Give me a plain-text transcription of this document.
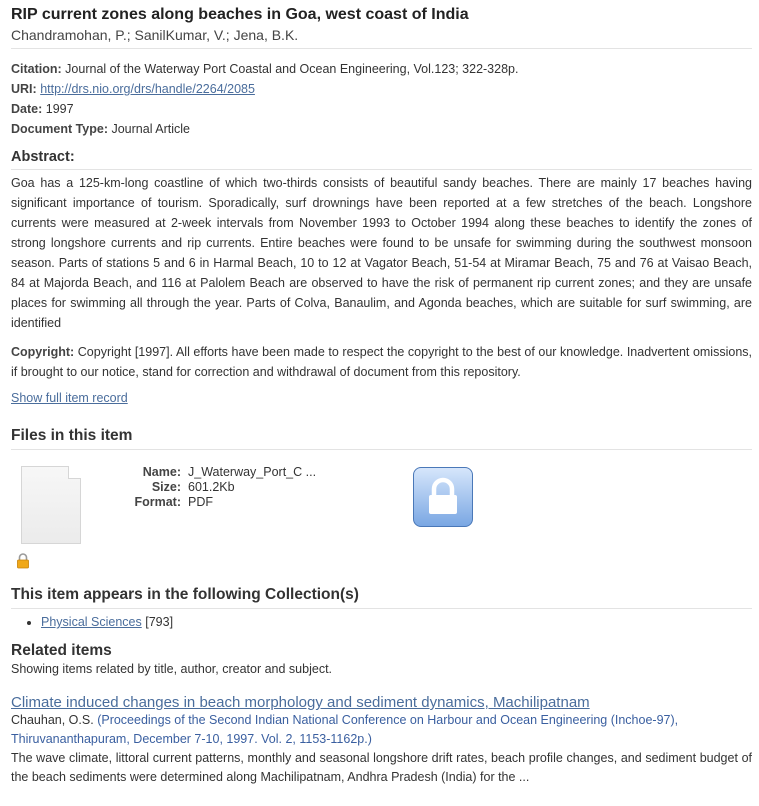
RIP current zones along beaches in Goa, west coast of India
Chandramohan, P.; SanilKumar, V.; Jena, B.K.
Citation: Journal of the Waterway Port Coastal and Ocean Engineering, Vol.123; 322-328p.
URI: http://drs.nio.org/drs/handle/2264/2085
Date: 1997
Document Type: Journal Article
Abstract:
Goa has a 125-km-long coastline of which two-thirds consists of beautiful sandy beaches. There are mainly 17 beaches having significant importance of tourism. Sporadically, surf drownings have been reported at a few stretches of the beach. Longshore currents were measured at 2-week intervals from November 1993 to October 1994 along these beaches to identify the zones of strong longshore currents and rip currents. Entire beaches were found to be unsafe for swimming during the southwest monsoon season. Parts of stations 5 and 6 in Harmal Beach, 10 to 12 at Vagator Beach, 51-54 at Miramar Beach, 75 and 76 at Vaisao Beach, 84 at Majorda Beach, and 116 at Palolem Beach are observed to have the risk of permanent rip current zones; and they are unsafe places for swimming all through the year. Parts of Colva, Banaulim, and Agonda beaches, which are suitable for surf swimming, are identified
Copyright: Copyright [1997]. All efforts have been made to respect the copyright to the best of our knowledge. Inadvertent omissions, if brought to our notice, stand for correction and withdrawal of document from this repository.
Show full item record
Files in this item
Name: J_Waterway_Port_C ...
Size: 601.2Kb
Format: PDF
This item appears in the following Collection(s)
• Physical Sciences [793]
Related items
Showing items related by title, author, creator and subject.
Climate induced changes in beach morphology and sediment dynamics, Machilipatnam
Chauhan, O.S. (Proceedings of the Second Indian National Conference on Harbour and Ocean Engineering (Inchoe-97), Thiruvananthapuram, December 7-10, 1997. Vol. 2, 1153-1162p.)
The wave climate, littoral current patterns, monthly and seasonal longshore drift rates, beach profile changes, and sediment budget of the beach sediments were determined along Machilipatnam, Andhra Pradesh (India) for the ...
